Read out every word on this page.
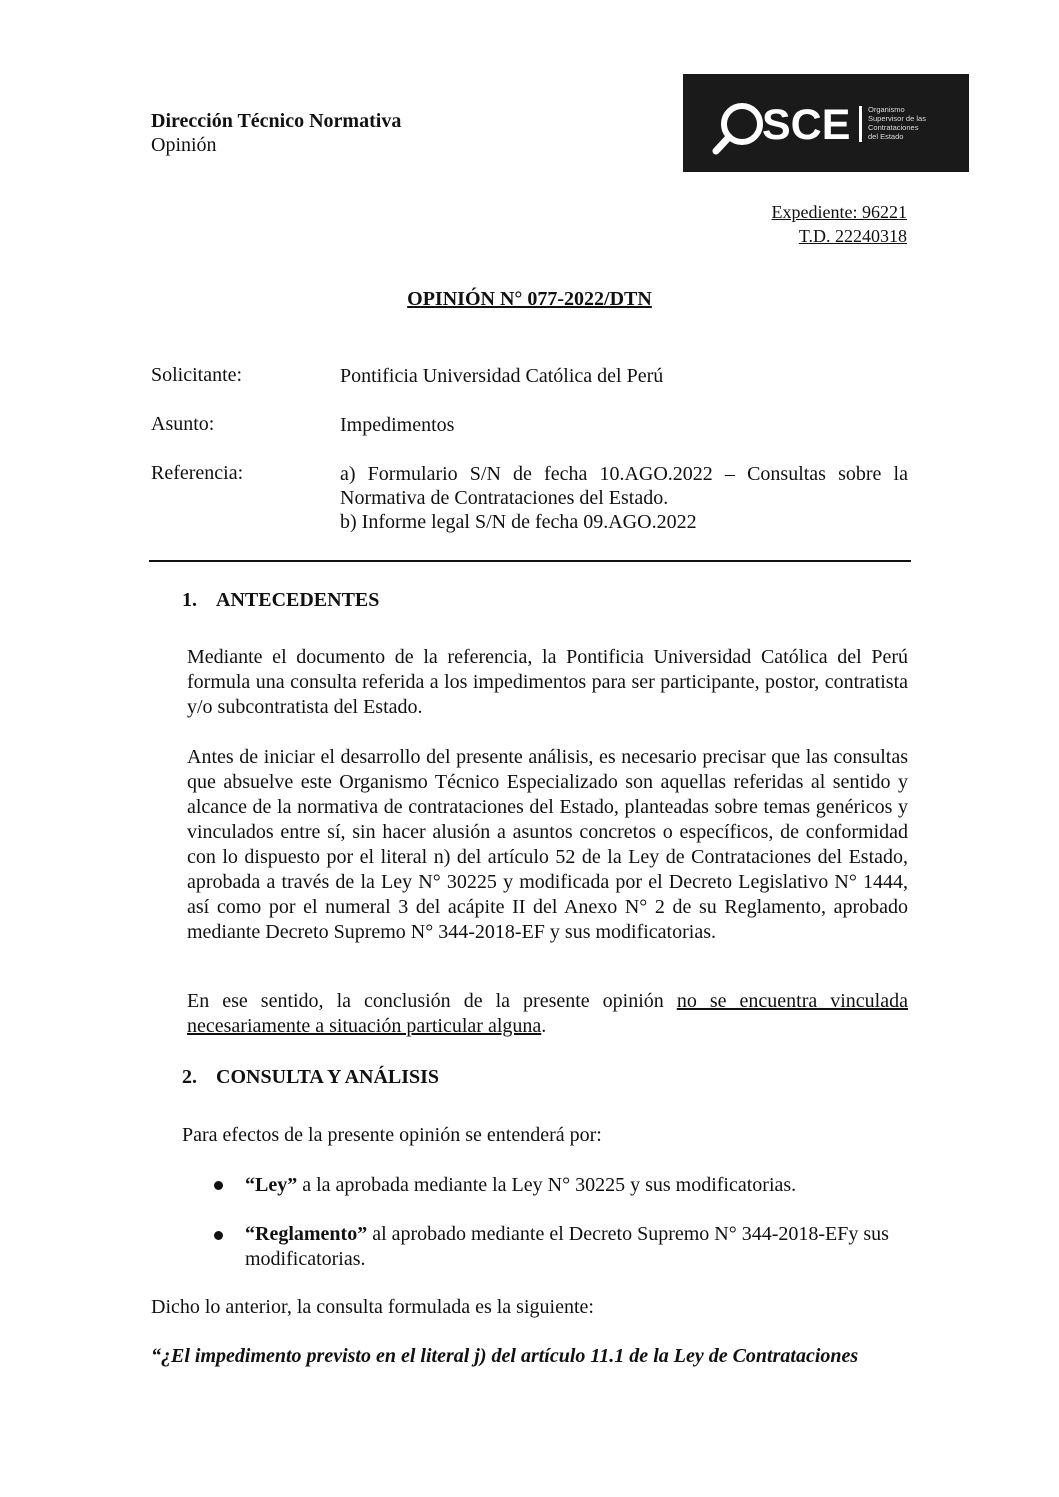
Dirección Técnico Normativa
Opinión	SCE Organismo
Supervisor de las
Contrataciones
del Estado
Expediente: 96221
T.D. 22240318
OPINIÓN N° 077-2022/DTN
Solicitante:	Pontificia Universidad Católica del Perú
Asunto:	Impedimentos
Referencia:	a) Formulario S/N de fecha 10.AGO.2022 – Consultas sobre la Normativa de Contrataciones del Estado.
b) Informe legal S/N de fecha 09.AGO.2022
1. ANTECEDENTES
Mediante el documento de la referencia, la Pontificia Universidad Católica del Perú formula una consulta referida a los impedimentos para ser participante, postor, contratista y/o subcontratista del Estado.
Antes de iniciar el desarrollo del presente análisis, es necesario precisar que las consultas que absuelve este Organismo Técnico Especializado son aquellas referidas al sentido y alcance de la normativa de contrataciones del Estado, planteadas sobre temas genéricos y vinculados entre sí, sin hacer alusión a asuntos concretos o específicos, de conformidad con lo dispuesto por el literal n) del artículo 52 de la Ley de Contrataciones del Estado, aprobada a través de la Ley N° 30225 y modificada por el Decreto Legislativo N° 1444, así como por el numeral 3 del acápite II del Anexo N° 2 de su Reglamento, aprobado mediante Decreto Supremo N° 344-2018-EF y sus modificatorias.
En ese sentido, la conclusión de la presente opinión no se encuentra vinculada necesariamente a situación particular alguna.
2. CONSULTA Y ANÁLISIS
Para efectos de la presente opinión se entenderá por:
“Ley” a la aprobada mediante la Ley N° 30225 y sus modificatorias.
“Reglamento” al aprobado mediante el Decreto Supremo N° 344-2018-EFy sus modificatorias.
Dicho lo anterior, la consulta formulada es la siguiente:
“¿El impedimento previsto en el literal j) del artículo 11.1 de la Ley de Contrataciones
